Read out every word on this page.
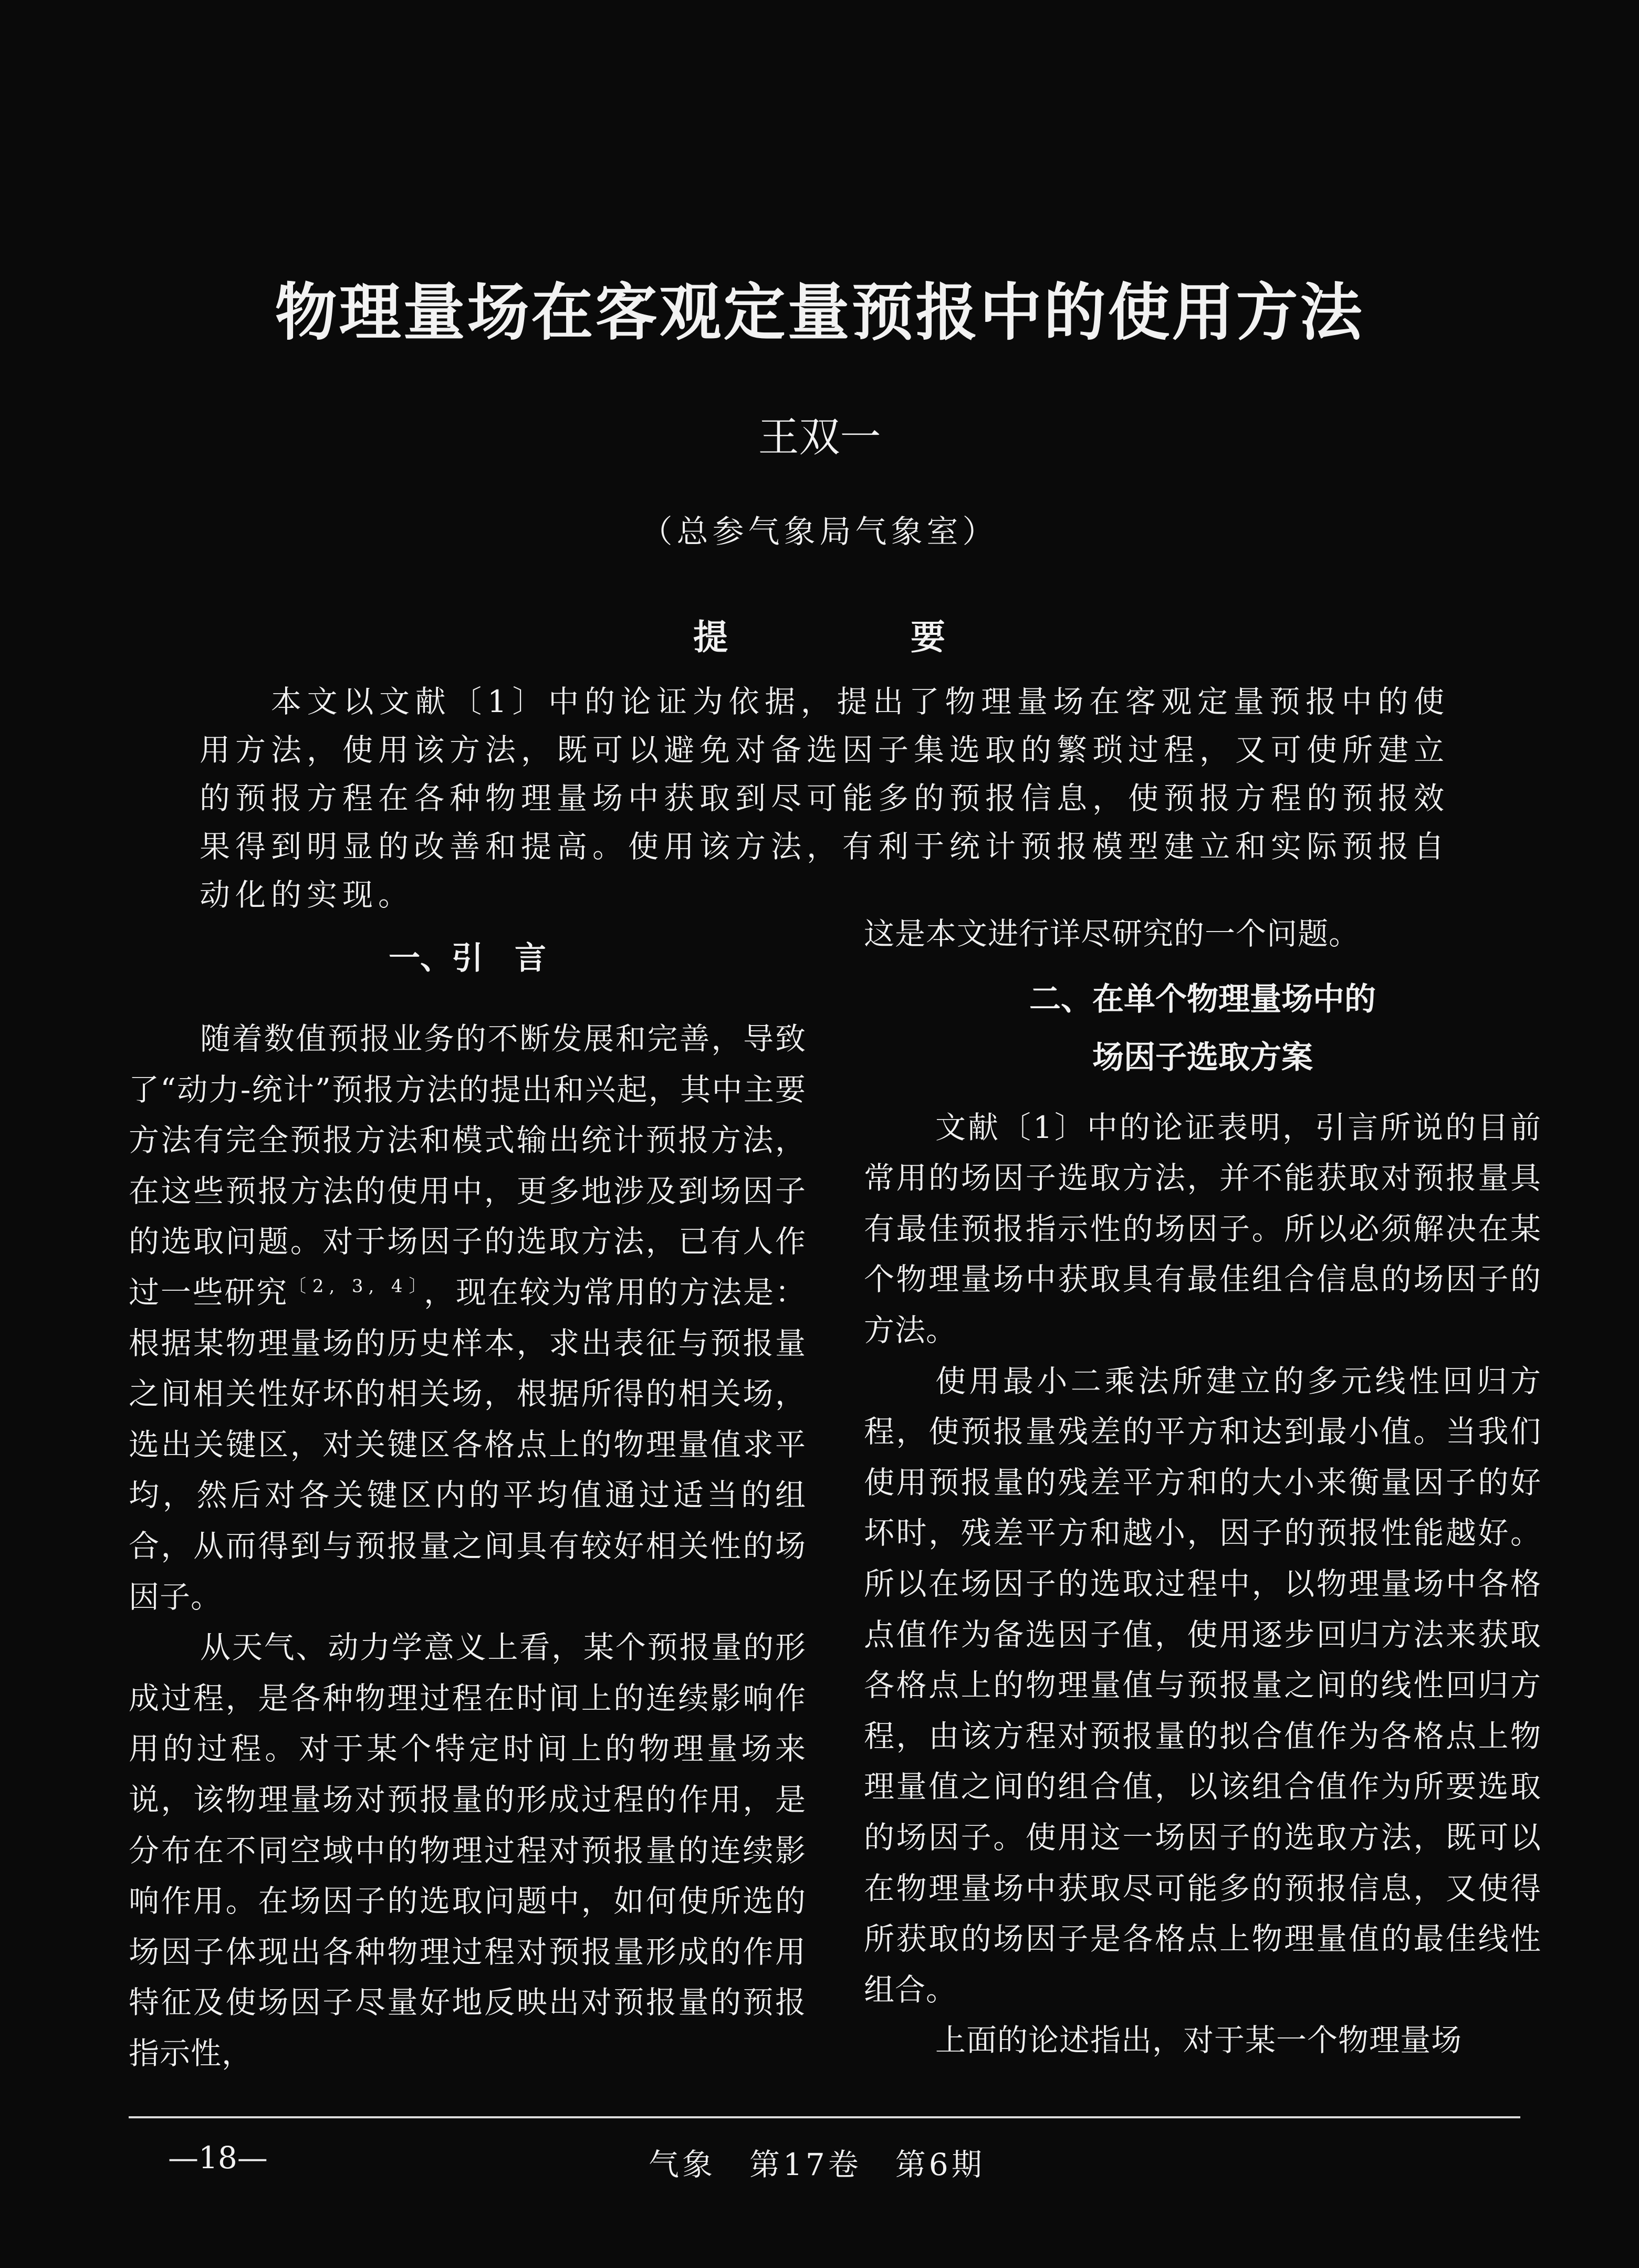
物理量场在客观定量预报中的使用方法
王双一
（总参气象局气象室）
提	要

本文以文献〔1〕中的论证为依据，提出了物理量场在客观定量预报中的使用方法，使用该方法，既可以避免对备选因子集选取的繁琐过程，又可使所建立的预报方程在各种物理量场中获取到尽可能多的预报信息，使预报方程的预报效果得到明显的改善和提高。使用该方法，有利于统计预报模型建立和实际预报自动化的实现。

一、引　言

随着数值预报业务的不断发展和完善，导致了“动力-统计”预报方法的提出和兴起，其中主要方法有完全预报方法和模式输出统计预报方法，在这些预报方法的使用中，更多地涉及到场因子的选取问题。对于场因子的选取方法，已有人作过一些研究$^{〔2, 3, 4〕}$，现在较为常用的方法是：根据某物理量场的历史样本，求出表征与预报量之间相关性好坏的相关场，根据所得的相关场，选出关键区，对关键区各格点上的物理量值求平均，然后对各关键区内的平均值通过适当的组合，从而得到与预报量之间具有较好相关性的场因子。

从天气、动力学意义上看，某个预报量的形成过程，是各种物理过程在时间上的连续影响作用的过程。对于某个特定时间上的物理量场来说，该物理量场对预报量的形成过程的作用，是分布在不同空域中的物理过程对预报量的连续影响作用。在场因子的选取问题中，如何使所选的场因子体现出各种物理过程对预报量形成的作用特征及使场因子尽量好地反映出对预报量的预报指示性，

这是本文进行详尽研究的一个问题。

二、在单个物理量场中的
场因子选取方案

文献〔1〕中的论证表明，引言所说的目前常用的场因子选取方法，并不能获取对预报量具有最佳预报指示性的场因子。所以必须解决在某个物理量场中获取具有最佳组合信息的场因子的方法。

使用最小二乘法所建立的多元线性回归方程，使预报量残差的平方和达到最小值。当我们使用预报量的残差平方和的大小来衡量因子的好坏时，残差平方和越小，因子的预报性能越好。所以在场因子的选取过程中，以物理量场中各格点值作为备选因子值，使用逐步回归方法来获取各格点上的物理量值与预报量之间的线性回归方程，由该方程对预报量的拟合值作为各格点上物理量值之间的组合值，以该组合值作为所要选取的场因子。使用这一场因子的选取方法，既可以在物理量场中获取尽可能多的预报信息，又使得所获取的场因子是各格点上物理量值的最佳线性组合。

上面的论述指出，对于某一个物理量场

—18—	气象　第17卷　第6期
